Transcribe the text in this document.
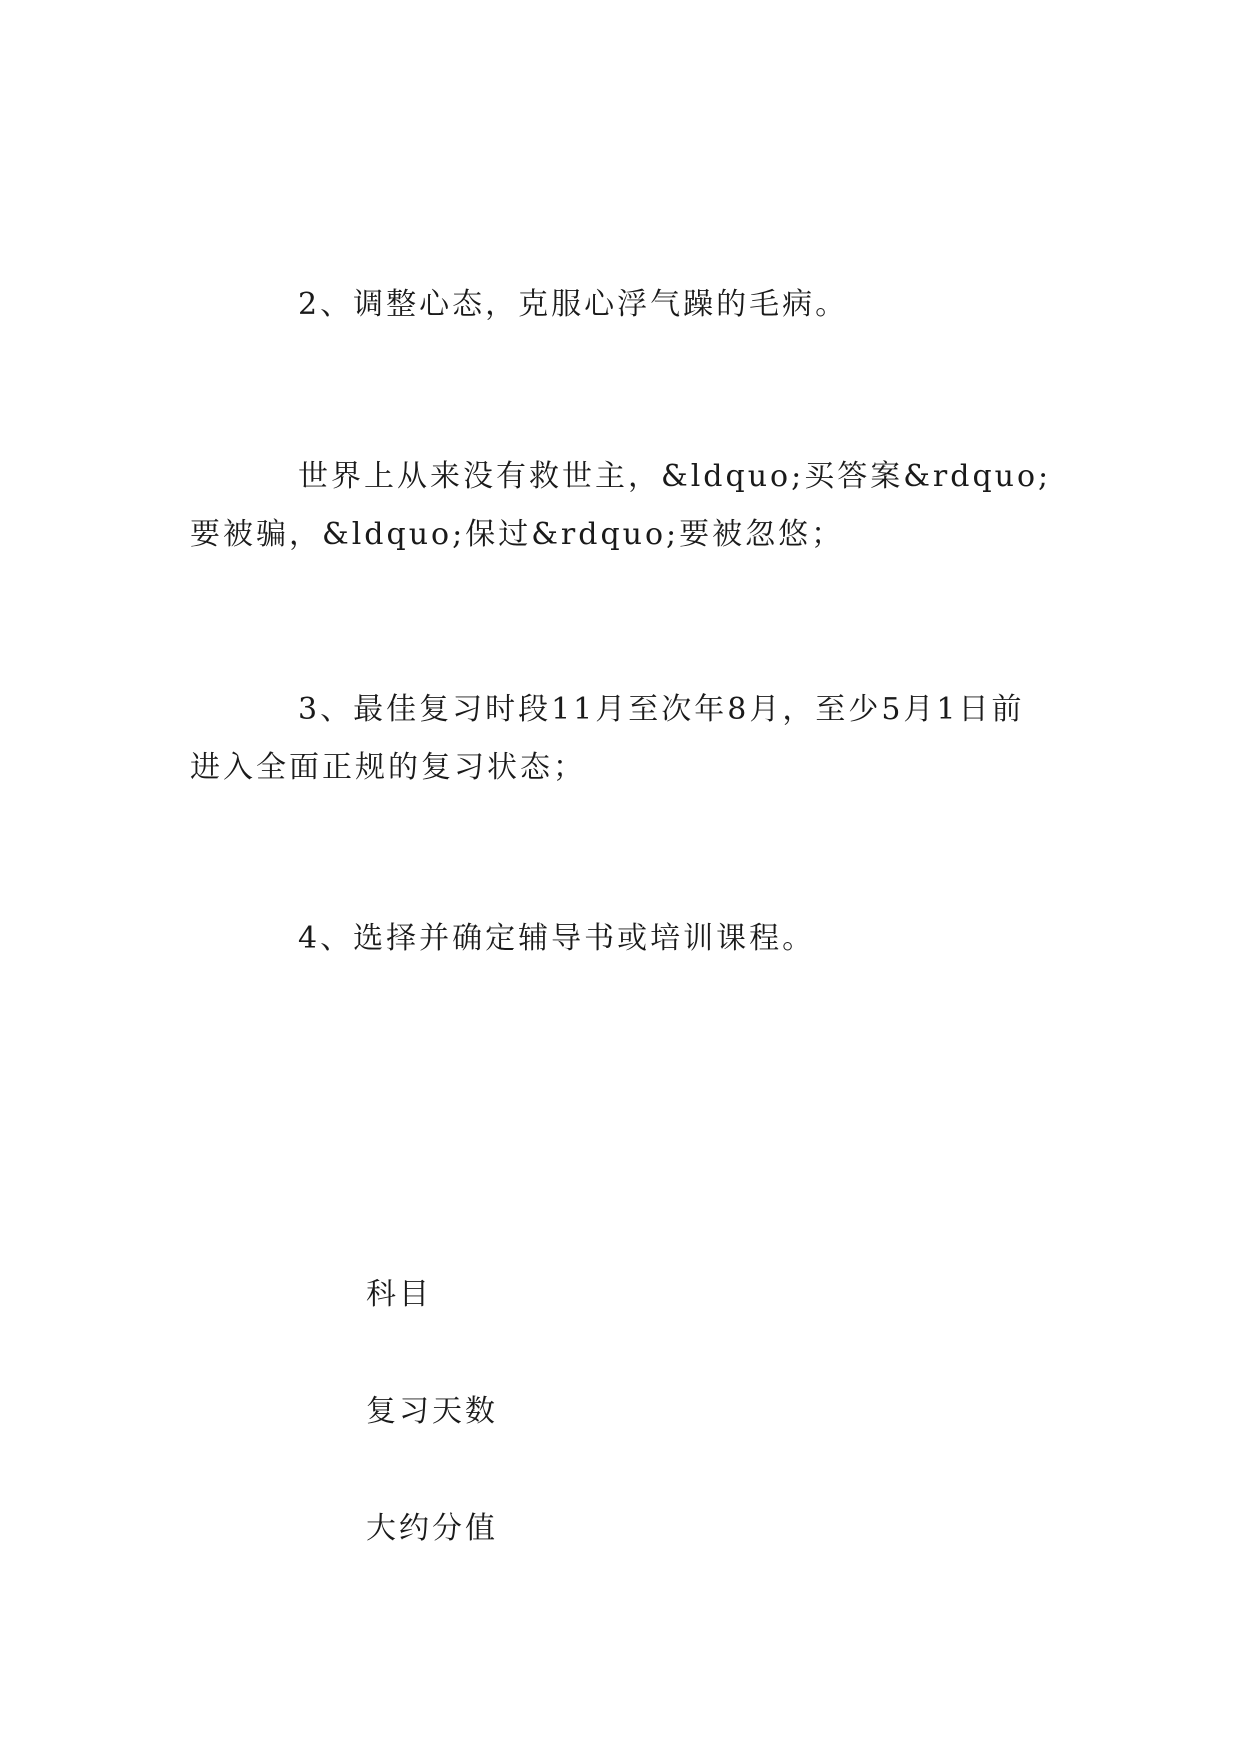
2、调整心态，克服心浮气躁的毛病。

世界上从来没有救世主，&ldquo;买答案&rdquo;要被骗，&ldquo;保过&rdquo;要被忽悠；

3、最佳复习时段11月至次年8月，至少5月1日前进入全面正规的复习状态；

4、选择并确定辅导书或培训课程。

科目

复习天数

大约分值
